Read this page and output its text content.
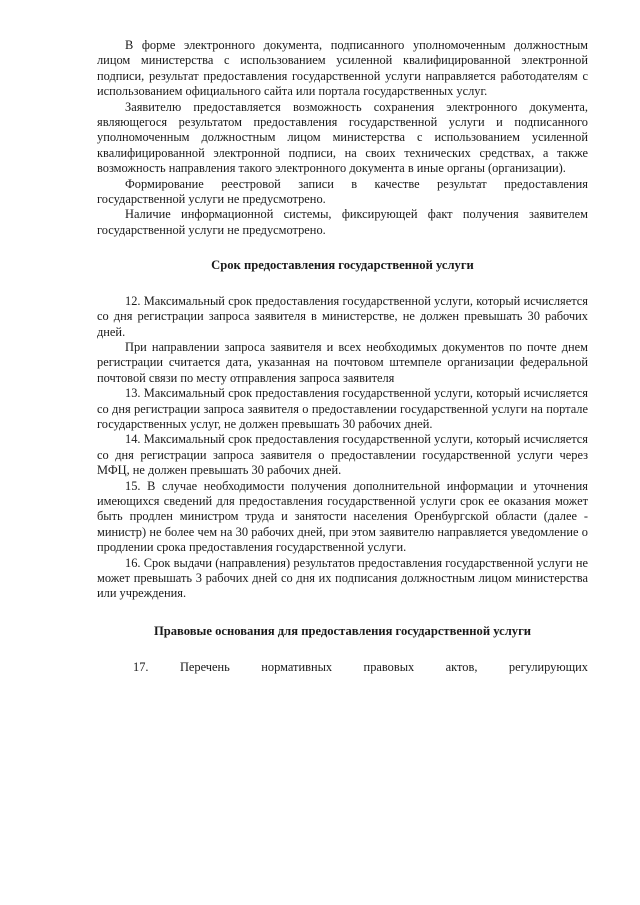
В форме электронного документа, подписанного уполномоченным должностным лицом министерства с использованием усиленной квалифицированной электронной подписи, результат предоставления государственной услуги направляется работодателям с использованием официального сайта или портала государственных услуг.

Заявителю предоставляется возможность сохранения электронного документа, являющегося результатом предоставления государственной услуги и подписанного уполномоченным должностным лицом министерства с использованием усиленной квалифицированной электронной подписи, на своих технических средствах, а также возможность направления такого электронного документа в иные органы (организации).

Формирование реестровой записи в качестве результат предоставления государственной услуги не предусмотрено.

Наличие информационной системы, фиксирующей факт получения заявителем государственной услуги не предусмотрено.

Срок предоставления государственной услуги

12. Максимальный срок предоставления государственной услуги, который исчисляется со дня регистрации запроса заявителя в министерстве, не должен превышать 30 рабочих дней.

При направлении запроса заявителя и всех необходимых документов по почте днем регистрации считается дата, указанная на почтовом штемпеле организации федеральной почтовой связи по месту отправления запроса заявителя

13. Максимальный срок предоставления государственной услуги, который исчисляется со дня регистрации запроса заявителя о предоставлении государственной услуги на портале государственных услуг, не должен превышать 30 рабочих дней.

14. Максимальный срок предоставления государственной услуги, который исчисляется со дня регистрации запроса заявителя о предоставлении государственной услуги через МФЦ, не должен превышать 30 рабочих дней.

15. В случае необходимости получения дополнительной информации и уточнения имеющихся сведений для предоставления государственной услуги срок ее оказания может быть продлен министром труда и занятости населения Оренбургской области (далее - министр) не более чем на 30 рабочих дней, при этом заявителю направляется уведомление о продлении срока предоставления государственной услуги.

16. Срок выдачи (направления) результатов предоставления государственной услуги не может превышать 3 рабочих дней со дня их подписания должностным лицом министерства или учреждения.

Правовые основания для предоставления государственной услуги

17. Перечень нормативных правовых актов, регулирующих
